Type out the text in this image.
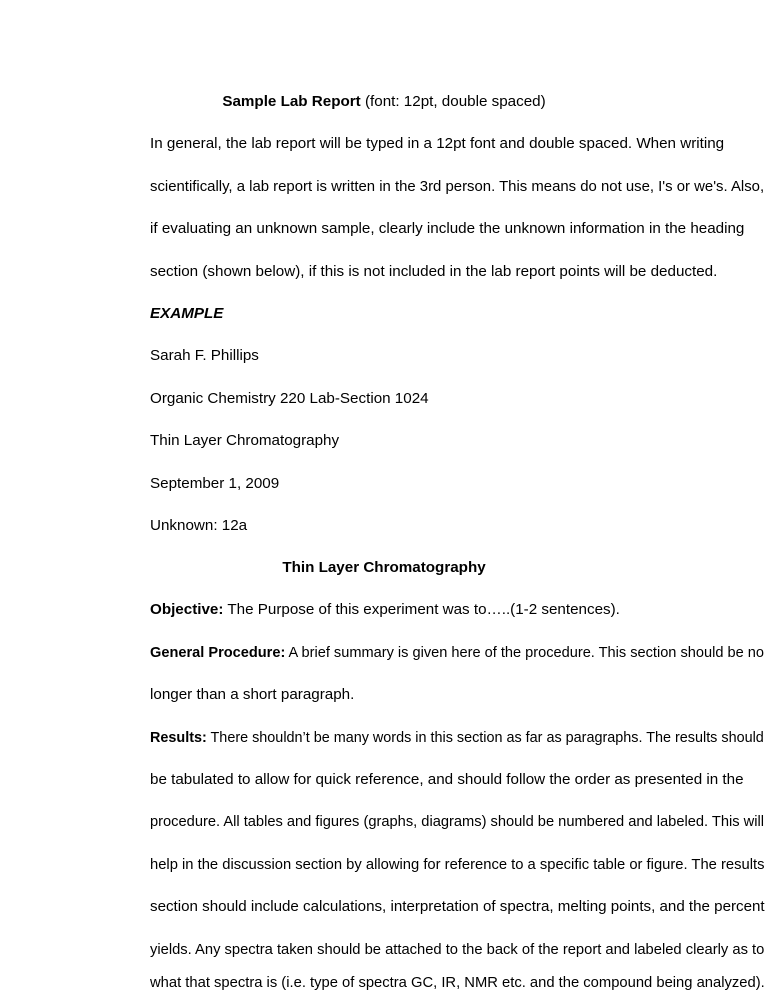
Sample Lab Report (font: 12pt, double spaced)
In general, the lab report will be typed in a 12pt font and double spaced. When writing
scientifically, a lab report is written in the 3rd person. This means do not use, I's or we's. Also,
if evaluating an unknown sample, clearly include the unknown information in the heading
section (shown below), if this is not included in the lab report points will be deducted.
EXAMPLE
Sarah F. Phillips
Organic Chemistry 220 Lab-Section 1024
Thin Layer Chromatography
September 1, 2009
Unknown: 12a
Thin Layer Chromatography
Objective: The Purpose of this experiment was to…..(1-2 sentences).
General Procedure: A brief summary is given here of the procedure. This section should be no
longer than a short paragraph.
Results: There shouldn’t be many words in this section as far as paragraphs. The results should
be tabulated to allow for quick reference, and should follow the order as presented in the
procedure. All tables and figures (graphs, diagrams) should be numbered and labeled. This will
help in the discussion section by allowing for reference to a specific table or figure. The results
section should include calculations, interpretation of spectra, melting points, and the percent
yields. Any spectra taken should be attached to the back of the report and labeled clearly as to
what that spectra is (i.e. type of spectra GC, IR, NMR etc. and the compound being analyzed).
